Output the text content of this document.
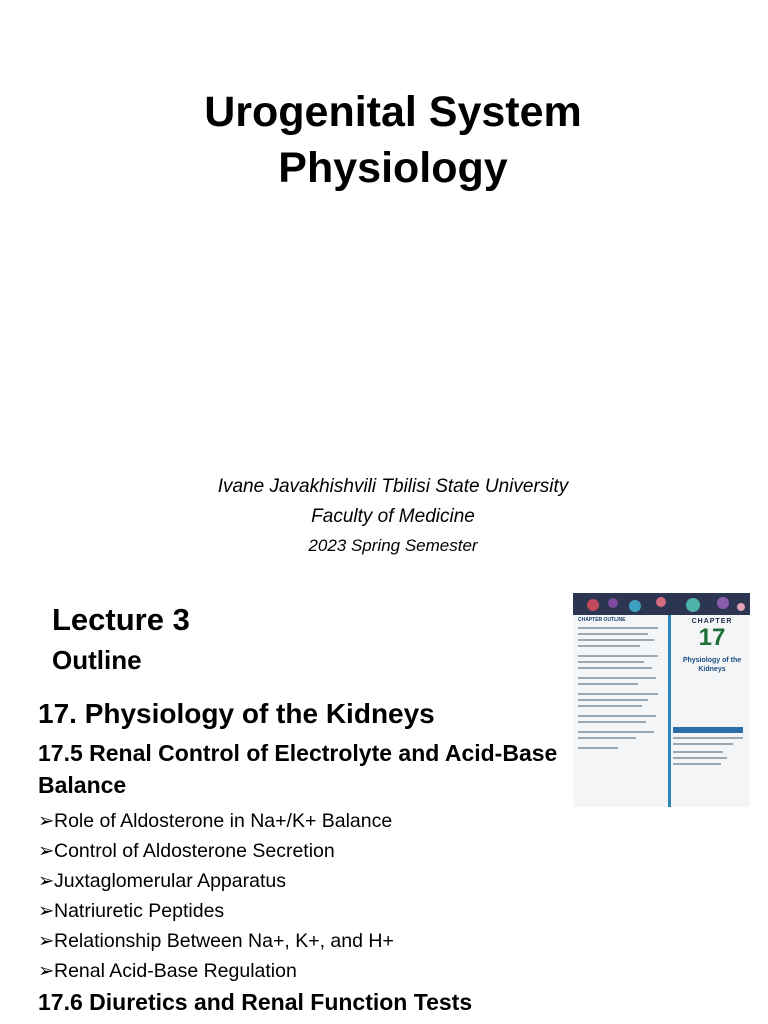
Urogenital System
Physiology
Ivane Javakhishvili Tbilisi State University
Faculty of Medicine
2023 Spring Semester
Lecture 3
Outline
17. Physiology of the Kidneys
17.5 Renal Control of Electrolyte and Acid-Base Balance
➢Role of Aldosterone in Na+/K+ Balance
➢Control of Aldosterone Secretion
➢Juxtaglomerular Apparatus
➢Natriuretic Peptides
➢Relationship Between Na+, K+, and H+
➢Renal Acid-Base Regulation
17.6 Diuretics and Renal Function Tests
CHAPTER OUTLINE	CHAPTER
17
Physiology of the Kidneys
